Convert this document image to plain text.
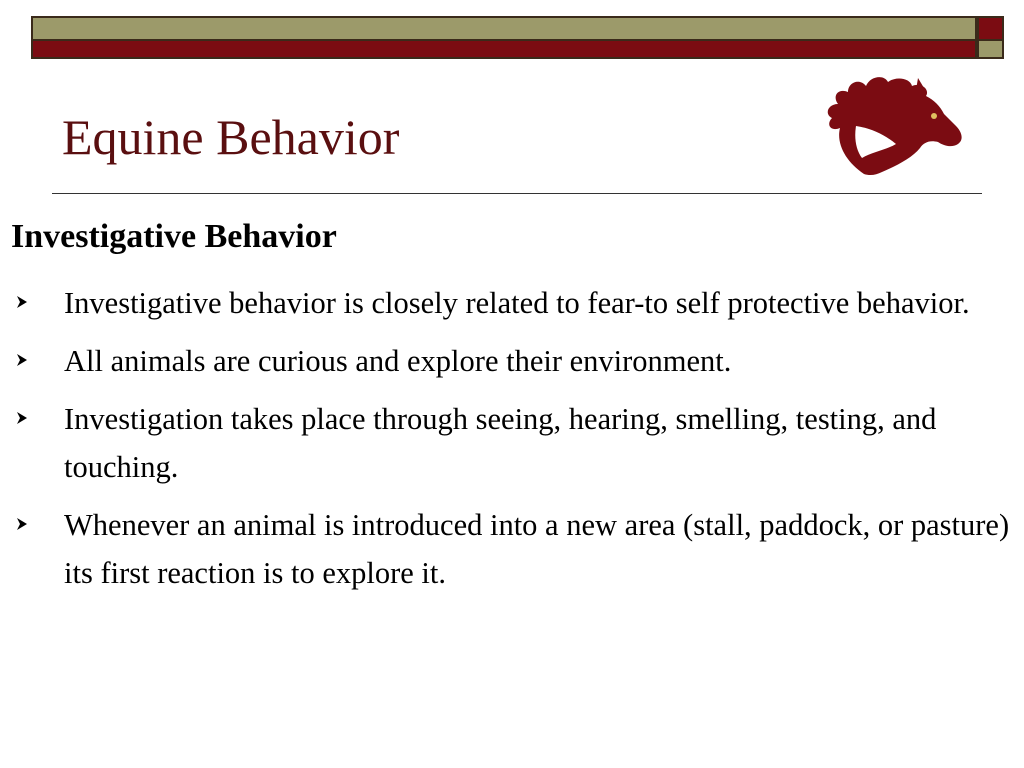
Equine Behavior
Investigative Behavior
Investigative behavior is closely related to fear-to self protective behavior.
All animals are curious and explore their environment.
Investigation takes place through seeing, hearing, smelling, testing, and touching.
Whenever an animal is introduced into a new area (stall, paddock, or pasture) its first reaction is to explore it.
